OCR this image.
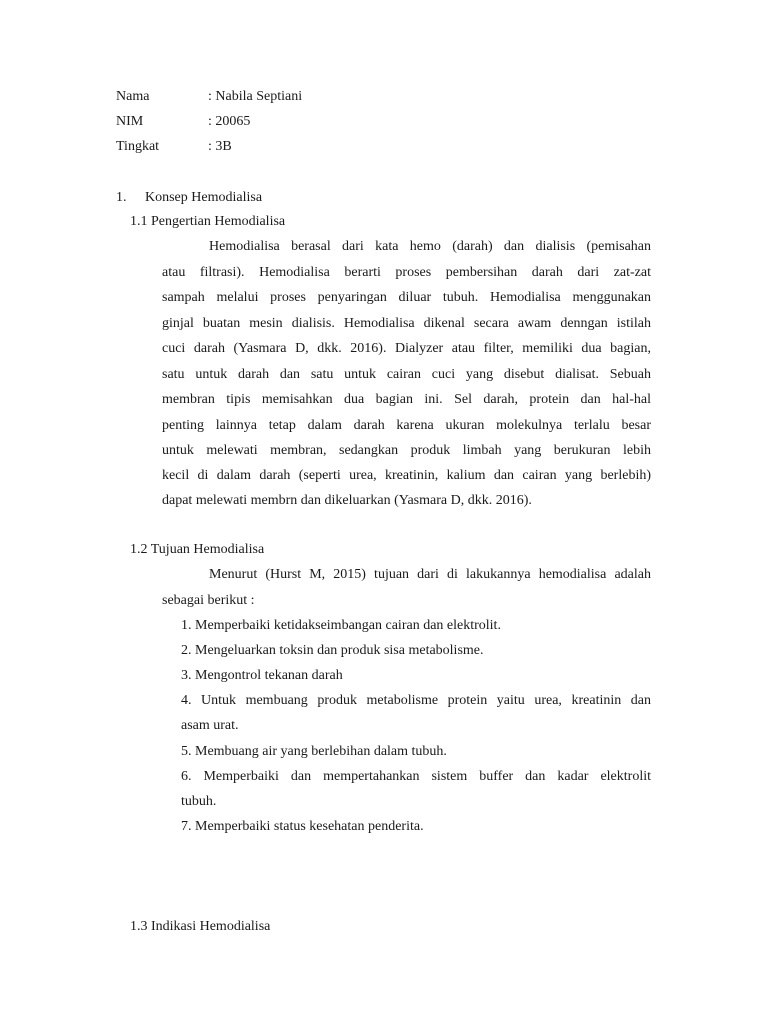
Nama	: Nabila Septiani
NIM	: 20065
Tingkat	: 3B
1. Konsep Hemodialisa
1.1 Pengertian Hemodialisa
Hemodialisa berasal dari kata hemo (darah) dan dialisis (pemisahan
atau filtrasi). Hemodialisa berarti proses pembersihan darah dari zat-zat
sampah melalui proses penyaringan diluar tubuh. Hemodialisa menggunakan
ginjal buatan mesin dialisis. Hemodialisa dikenal secara awam denngan istilah
cuci darah (Yasmara D, dkk. 2016). Dialyzer atau filter, memiliki dua bagian,
satu untuk darah dan satu untuk cairan cuci yang disebut dialisat. Sebuah
membran tipis memisahkan dua bagian ini. Sel darah, protein dan hal-hal
penting lainnya tetap dalam darah karena ukuran molekulnya terlalu besar
untuk melewati membran, sedangkan produk limbah yang berukuran lebih
kecil di dalam darah (seperti urea, kreatinin, kalium dan cairan yang berlebih)
dapat melewati membrn dan dikeluarkan (Yasmara D, dkk. 2016).
1.2 Tujuan Hemodialisa
Menurut (Hurst M, 2015) tujuan dari di lakukannya hemodialisa adalah
sebagai berikut :
1. Memperbaiki ketidakseimbangan cairan dan elektrolit.
2. Mengeluarkan toksin dan produk sisa metabolisme.
3. Mengontrol tekanan darah
4. Untuk membuang produk metabolisme protein yaitu urea, kreatinin dan
asam urat.
5. Membuang air yang berlebihan dalam tubuh.
6. Memperbaiki dan mempertahankan sistem buffer dan kadar elektrolit
tubuh.
7. Memperbaiki status kesehatan penderita.
1.3 Indikasi Hemodialisa
